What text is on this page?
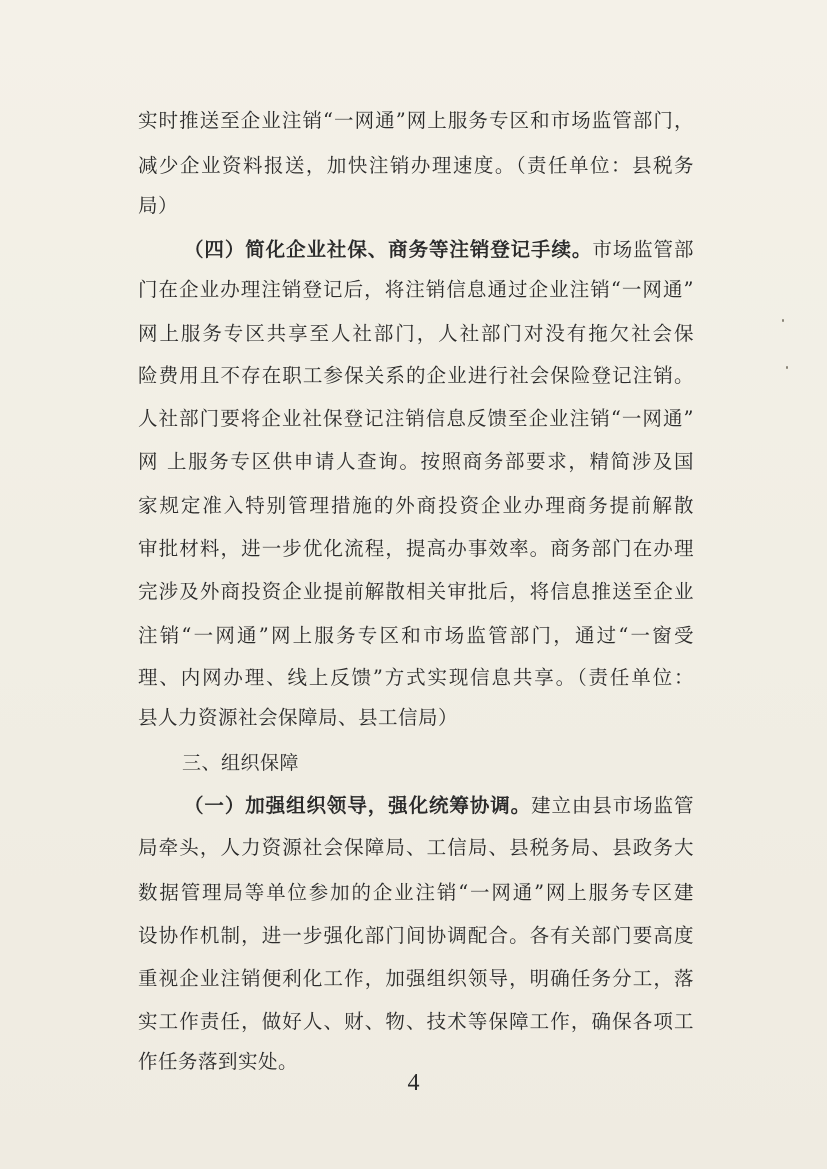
实时推送至企业注销“一网通”网上服务专区和市场监管部门，
减少企业资料报送，加快注销办理速度。（责任单位：县税务
局）
（四）简化企业社保、商务等注销登记手续。市场监管部
门在企业办理注销登记后，将注销信息通过企业注销“一网通”
网上服务专区共享至人社部门，人社部门对没有拖欠社会保
险费用且不存在职工参保关系的企业进行社会保险登记注销。
人社部门要将企业社保登记注销信息反馈至企业注销“一网通”
网 上服务专区供申请人查询。按照商务部要求，精简涉及国
家规定准入特别管理措施的外商投资企业办理商务提前解散
审批材料，进一步优化流程，提高办事效率。商务部门在办理
完涉及外商投资企业提前解散相关审批后，将信息推送至企业
注销“一网通”网上服务专区和市场监管部门，通过“一窗受
理、内网办理、线上反馈”方式实现信息共享。（责任单位：
县人力资源社会保障局、县工信局）
三、组织保障
（一）加强组织领导，强化统筹协调。建立由县市场监管
局牵头，人力资源社会保障局、工信局、县税务局、县政务大
数据管理局等单位参加的企业注销“一网通”网上服务专区建
设协作机制，进一步强化部门间协调配合。各有关部门要高度
重视企业注销便利化工作，加强组织领导，明确任务分工，落
实工作责任，做好人、财、物、技术等保障工作，确保各项工
作任务落到实处。
4
